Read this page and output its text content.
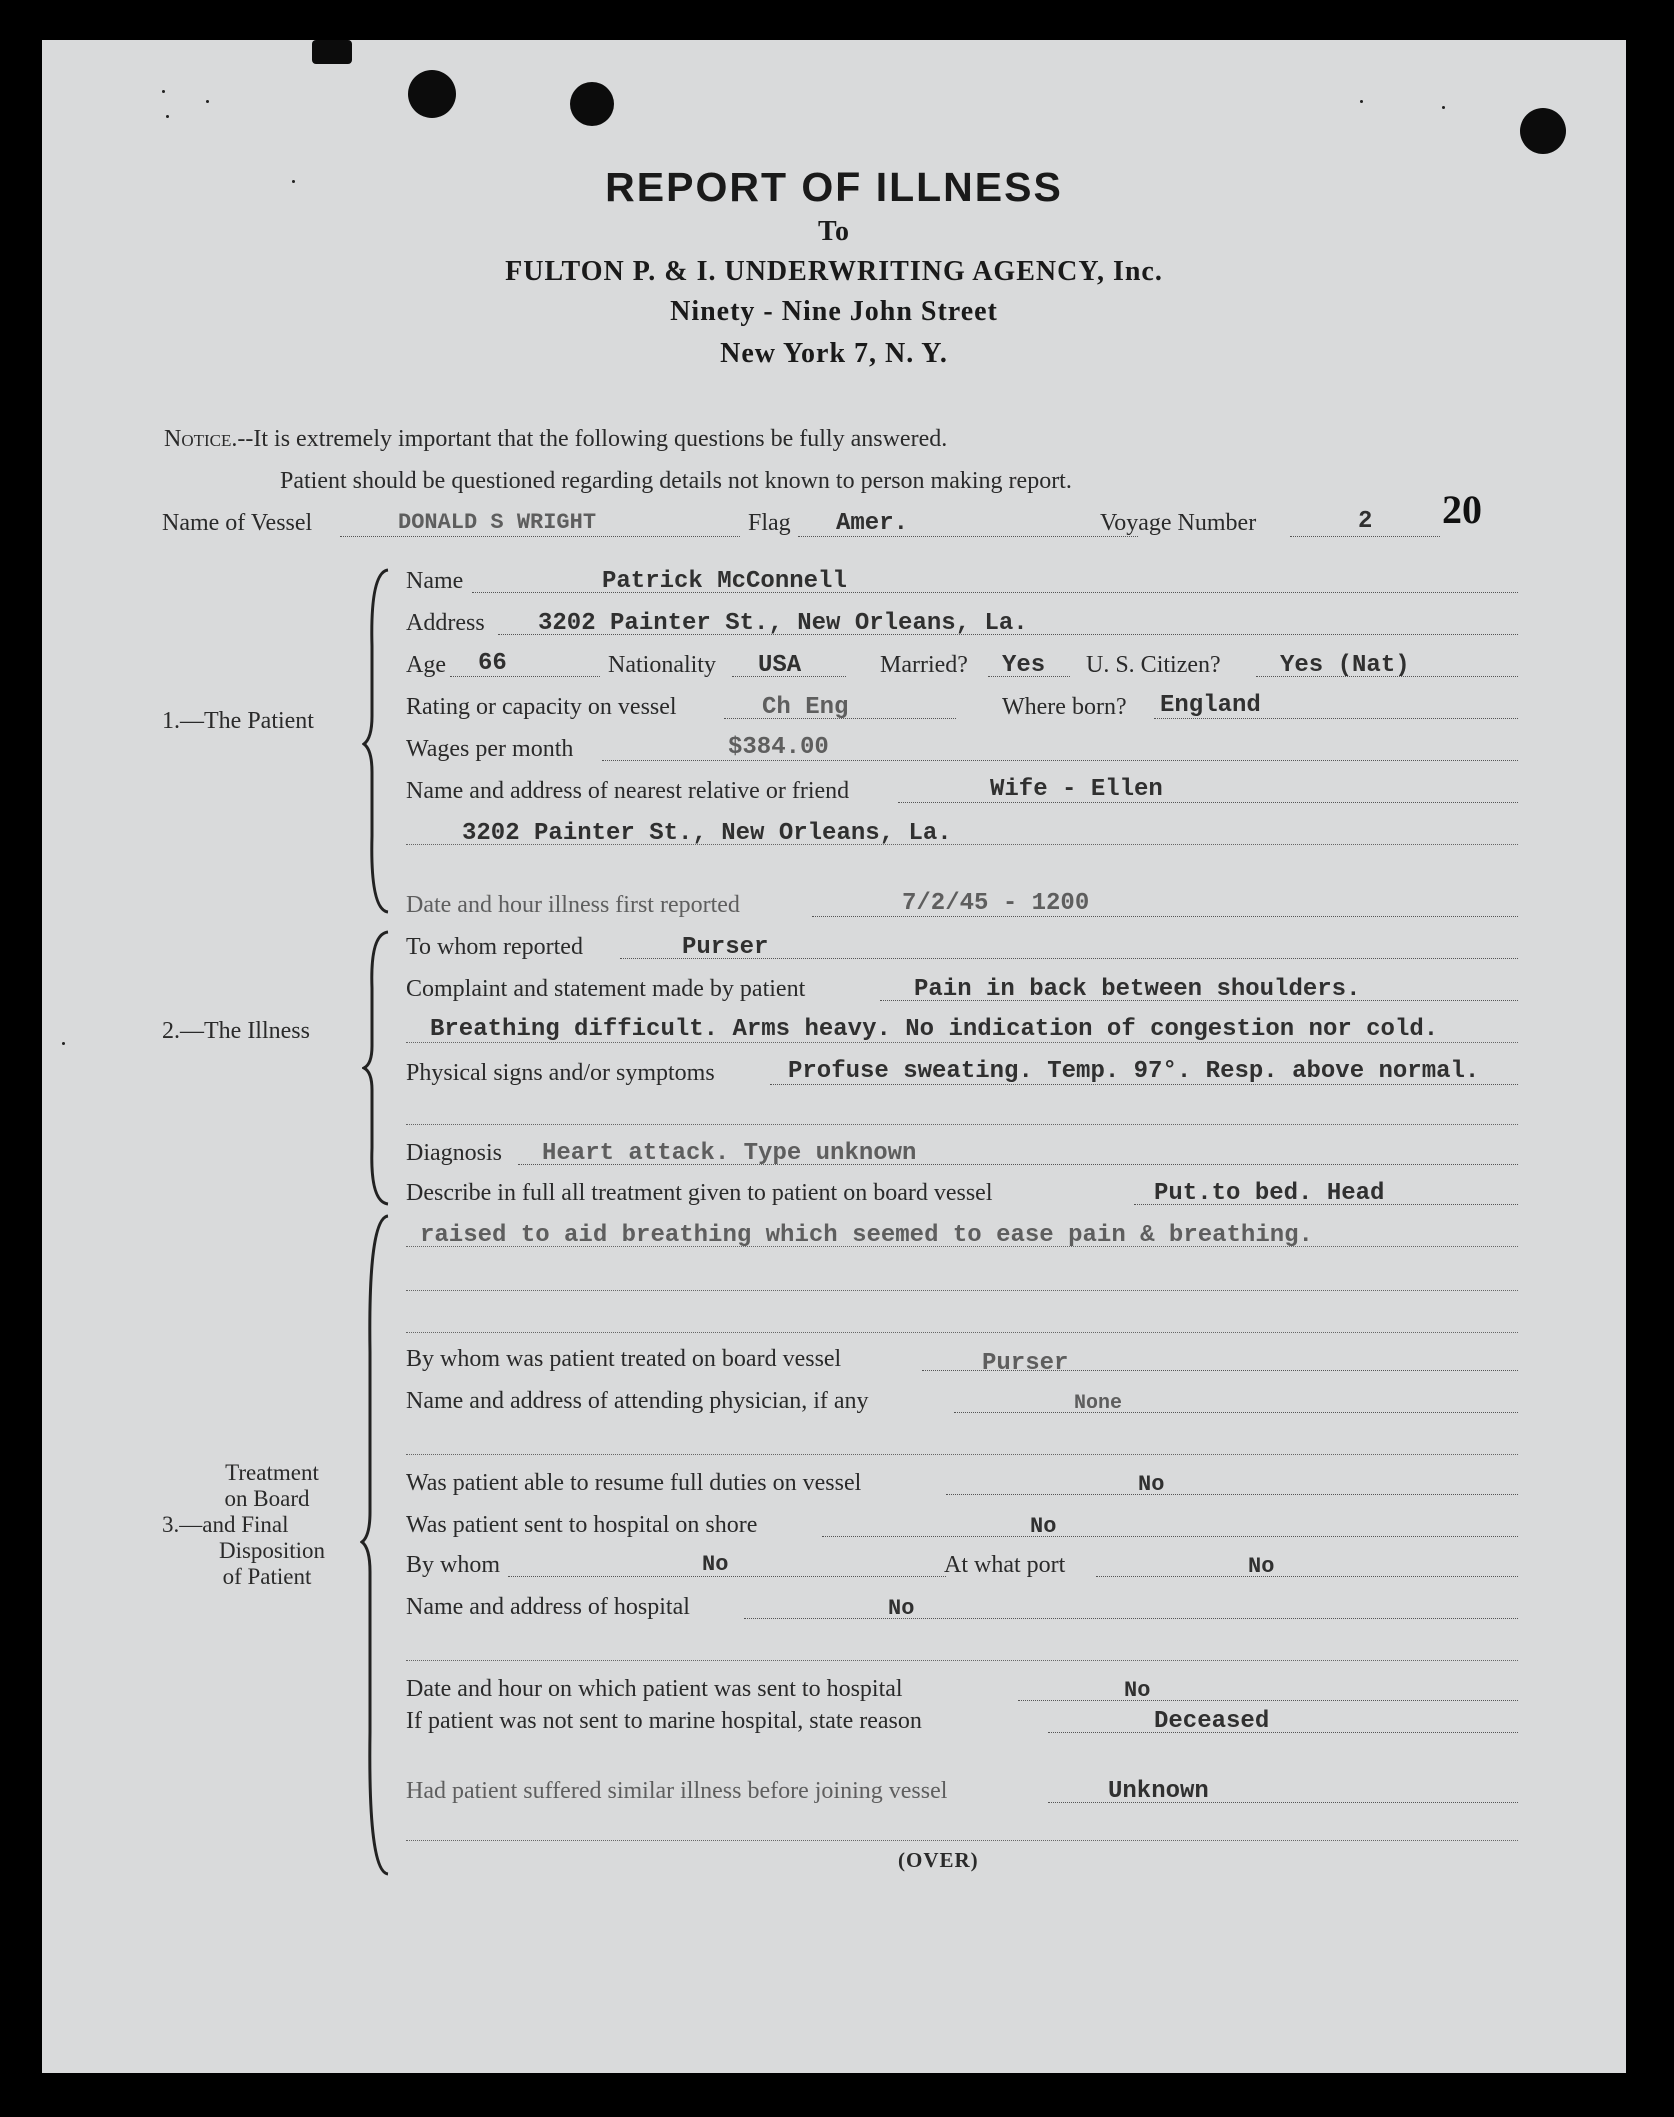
REPORT OF ILLNESS
To
FULTON P. & I. UNDERWRITING AGENCY, Inc.
Ninety - Nine John Street
New York 7, N. Y.
Notice.--It is extremely important that the following questions be fully answered.
Patient should be questioned regarding details not known to person making report.
Name of Vessel	DONALD S WRIGHT	Flag Amer.	Voyage Number	2 20
1.—The Patient
2.—The Illness
Treatment
on Board
3.—and Final
Disposition
of Patient
Name	Patrick McConnell
Address 3202 Painter St., New Orleans, La.
Age 66	Nationality USA	Married? Yes U. S. Citizen? Yes (Nat)
Rating or capacity on vessel	Ch Eng	Where born? England
Wages per month	$384.00
Name and address of nearest relative or friend	Wife - Ellen
3202 Painter St., New Orleans, La.
Date and hour illness first reported	7/2/45 - 1200
To whom reported	Purser
Complaint and statement made by patient	Pain in back between shoulders.
Breathing difficult. Arms heavy. No indication of congestion nor cold.
Physical signs and/or symptoms	Profuse sweating. Temp. 97°. Resp. above normal.
Diagnosis Heart attack. Type unknown
Describe in full all treatment given to patient on board vessel	Put.to bed. Head
raised to aid breathing which seemed to ease pain & breathing.
By whom was patient treated on board vessel	Purser
Name and address of attending physician, if any	None
Was patient able to resume full duties on vessel	No
Was patient sent to hospital on shore	No
By whom	No	At what port	No
Name and address of hospital	No
Date and hour on which patient was sent to hospital	No
If patient was not sent to marine hospital, state reason	Deceased
Had patient suffered similar illness before joining vessel	Unknown
(OVER)
